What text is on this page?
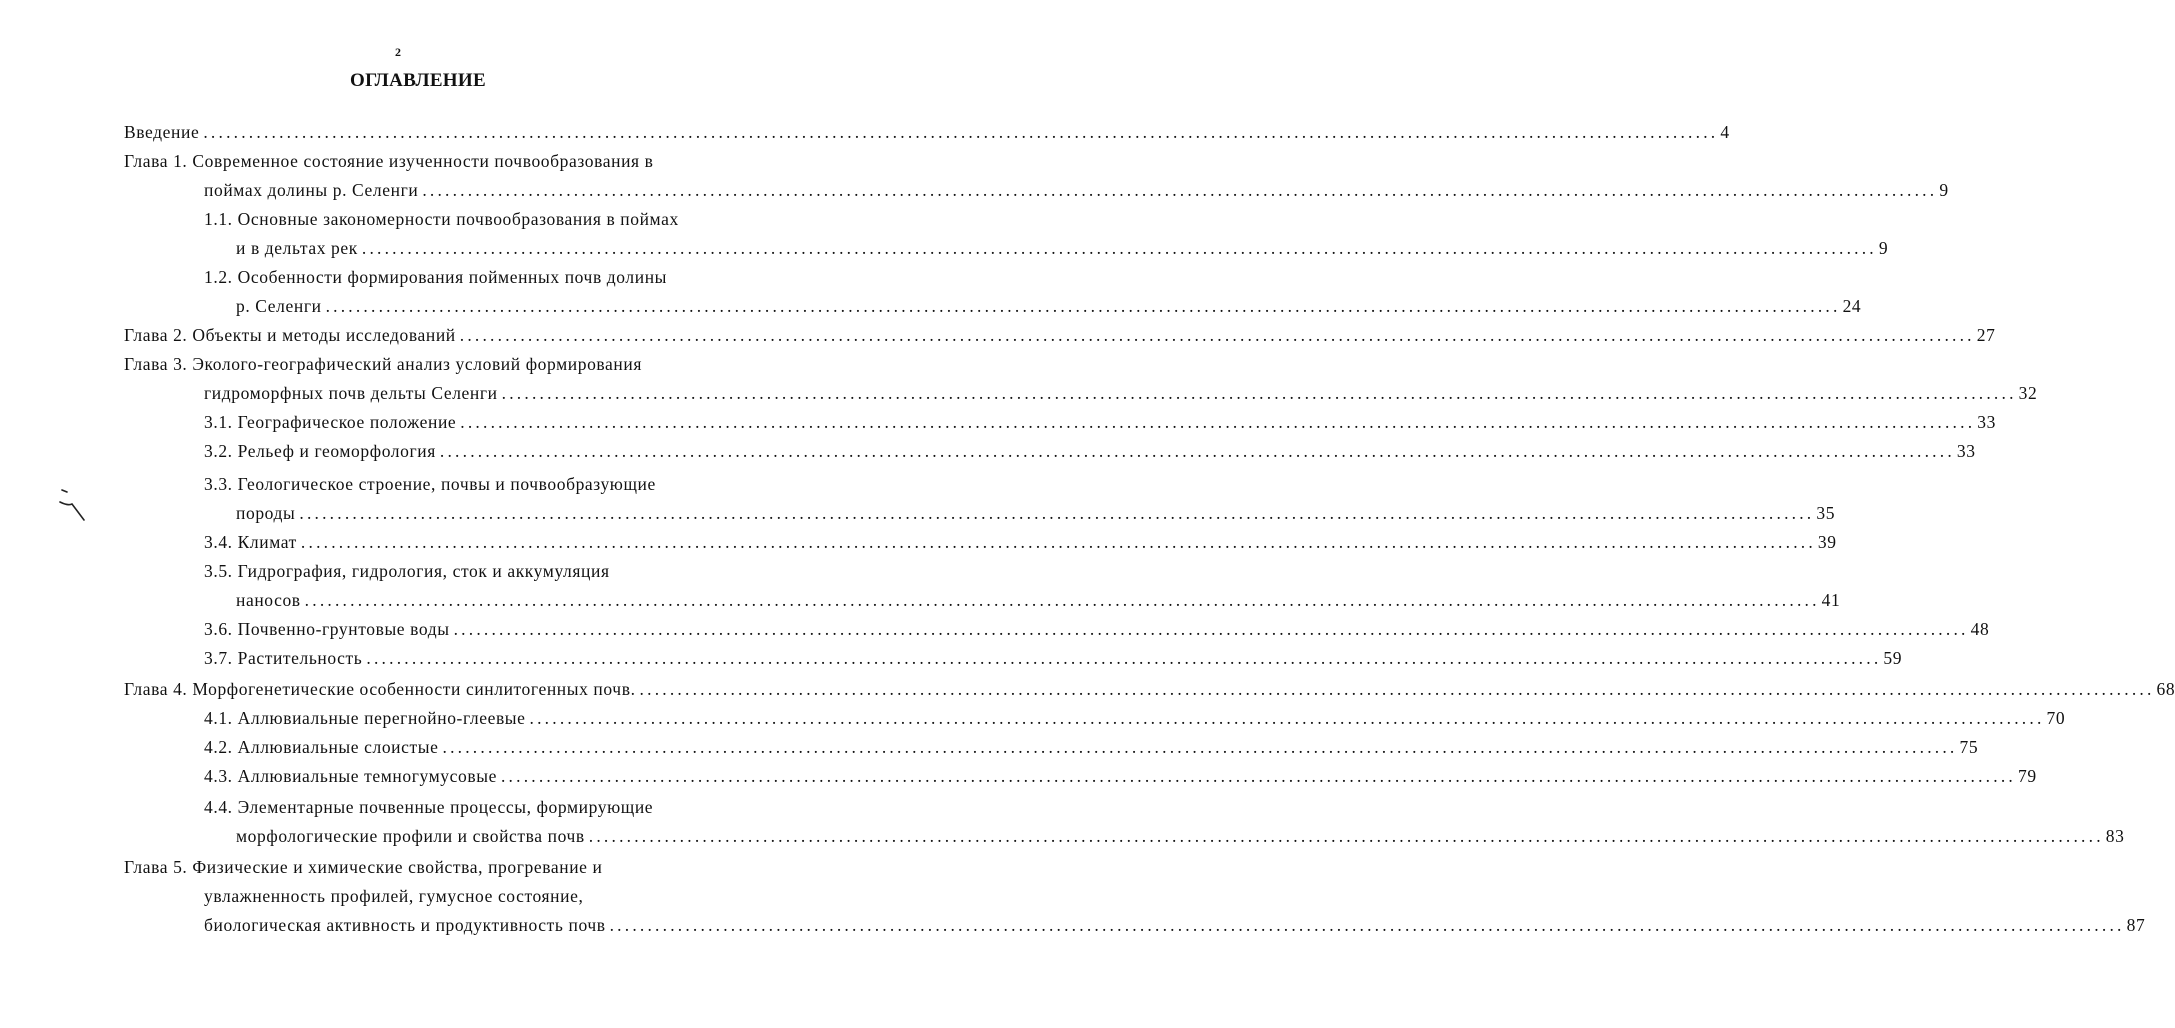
2
ОГЛАВЛЕНИЕ
Введение ........................................................................................................................................................................................................ 4
Глава 1. Современное состояние изученности почвообразования в
поймах долины р. Селенги ........................................................................................................................................................................................................ 9
1.1. Основные закономерности почвообразования в поймах
и в дельтах рек ........................................................................................................................................................................................................ 9
1.2. Особенности формирования пойменных почв долины
р. Селенги ........................................................................................................................................................................................................ 24
Глава 2. Объекты и методы исследований ........................................................................................................................................................................................................ 27
Глава 3. Эколого-географический анализ условий формирования
гидроморфных почв дельты Селенги ........................................................................................................................................................................................................ 32
3.1. Географическое положение ........................................................................................................................................................................................................ 33
3.2. Рельеф и геоморфология ........................................................................................................................................................................................................ 33
3.3. Геологическое строение, почвы и почвообразующие
породы ........................................................................................................................................................................................................ 35
3.4. Климат ........................................................................................................................................................................................................ 39
3.5. Гидрография, гидрология, сток и аккумуляция
наносов ........................................................................................................................................................................................................ 41
3.6. Почвенно-грунтовые воды ........................................................................................................................................................................................................ 48
3.7. Растительность ........................................................................................................................................................................................................ 59
Глава 4. Морфогенетические особенности синлитогенных почв. ........................................................................................................................................................................................................ 68
4.1. Аллювиальные перегнойно-глеевые ........................................................................................................................................................................................................ 70
4.2. Аллювиальные слоистые ........................................................................................................................................................................................................ 75
4.3. Аллювиальные темногумусовые ........................................................................................................................................................................................................ 79
4.4. Элементарные почвенные процессы, формирующие
морфологические профили и свойства почв ........................................................................................................................................................................................................ 83
Глава 5. Физические и химические свойства, прогревание и
увлажненность профилей, гумусное состояние,
биологическая активность и продуктивность почв ........................................................................................................................................................................................................ 87
